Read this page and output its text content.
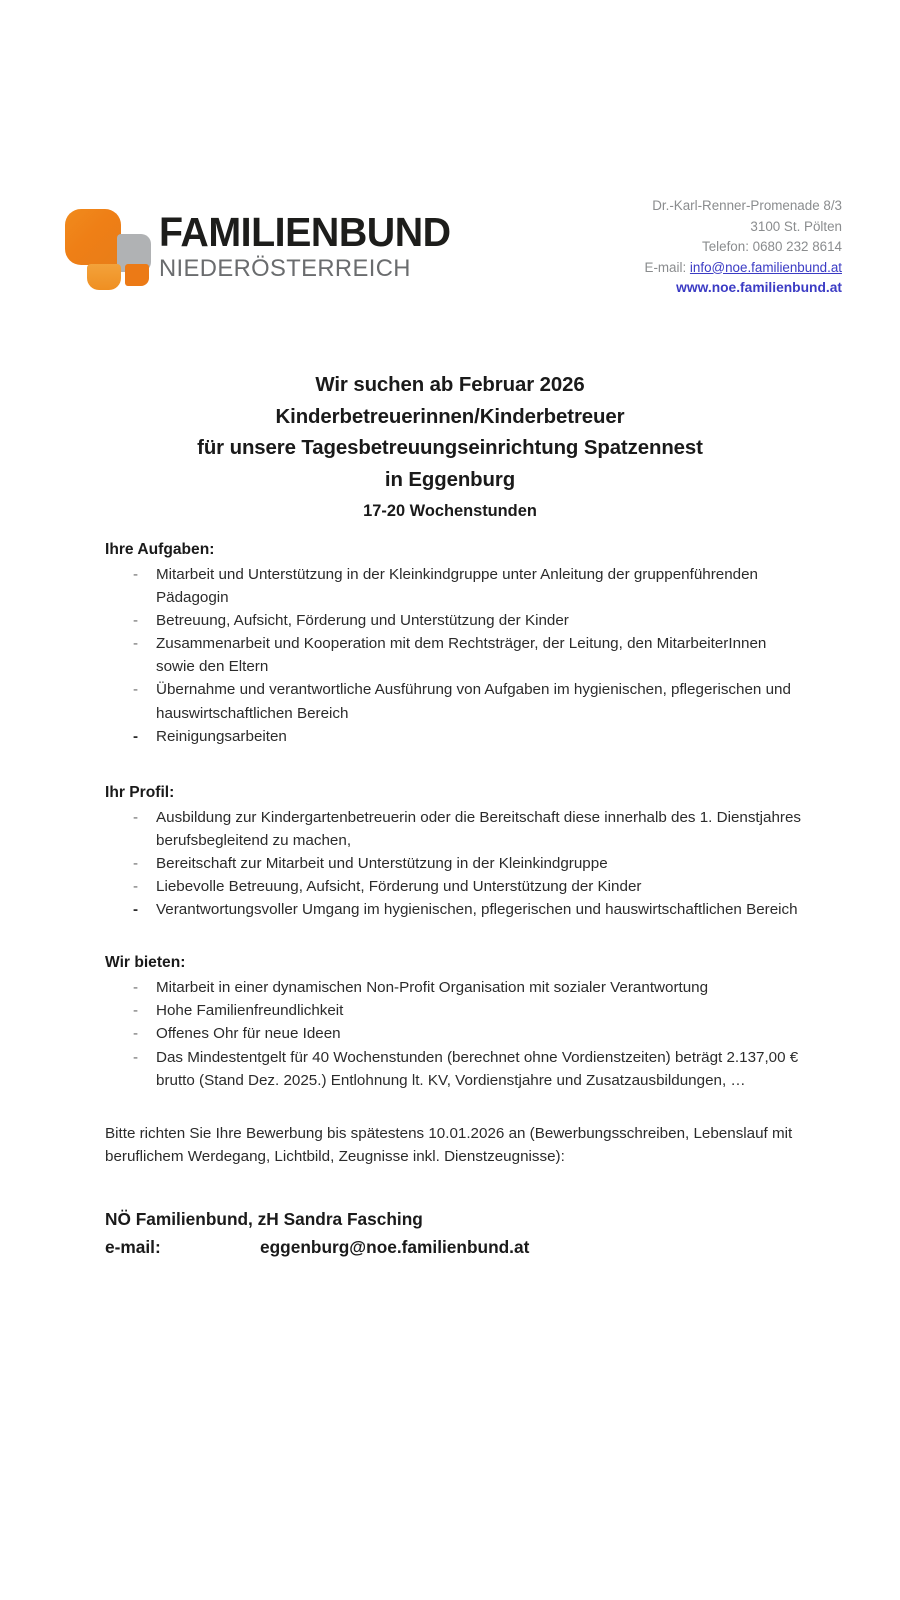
FAMILIENBUND
NIEDERÖSTERREICH
Dr.-Karl-Renner-Promenade 8/3
3100 St. Pölten
Telefon: 0680 232 8614
E-mail: info@noe.familienbund.at
www.noe.familienbund.at
Wir suchen ab Februar 2026
Kinderbetreuerinnen/Kinderbetreuer
für unsere Tagesbetreuungseinrichtung Spatzennest
in Eggenburg
17-20 Wochenstunden
Ihre Aufgaben:
- Mitarbeit und Unterstützung in der Kleinkindgruppe unter Anleitung der gruppenführenden Pädagogin
- Betreuung, Aufsicht, Förderung und Unterstützung der Kinder
- Zusammenarbeit und Kooperation mit dem Rechtsträger, der Leitung, den MitarbeiterInnen sowie den Eltern
- Übernahme und verantwortliche Ausführung von Aufgaben im hygienischen, pflegerischen und hauswirtschaftlichen Bereich
- Reinigungsarbeiten
Ihr Profil:
- Ausbildung zur Kindergartenbetreuerin oder die Bereitschaft diese innerhalb des 1. Dienstjahres berufsbegleitend zu machen,
- Bereitschaft zur Mitarbeit und Unterstützung in der Kleinkindgruppe
- Liebevolle Betreuung, Aufsicht, Förderung und Unterstützung der Kinder
- Verantwortungsvoller Umgang im hygienischen, pflegerischen und hauswirtschaftlichen Bereich
Wir bieten:
- Mitarbeit in einer dynamischen Non-Profit Organisation mit sozialer Verantwortung
- Hohe Familienfreundlichkeit
- Offenes Ohr für neue Ideen
- Das Mindestentgelt für 40 Wochenstunden (berechnet ohne Vordienstzeiten) beträgt 2.137,00 € brutto (Stand Dez. 2025.) Entlohnung lt. KV, Vordienstjahre und Zusatzausbildungen, …

Bitte richten Sie Ihre Bewerbung bis spätestens 10.01.2026 an (Bewerbungsschreiben, Lebenslauf mit beruflichem Werdegang, Lichtbild, Zeugnisse inkl. Dienstzeugnisse):

NÖ Familienbund, zH Sandra Fasching
e-mail:	eggenburg@noe.familienbund.at
